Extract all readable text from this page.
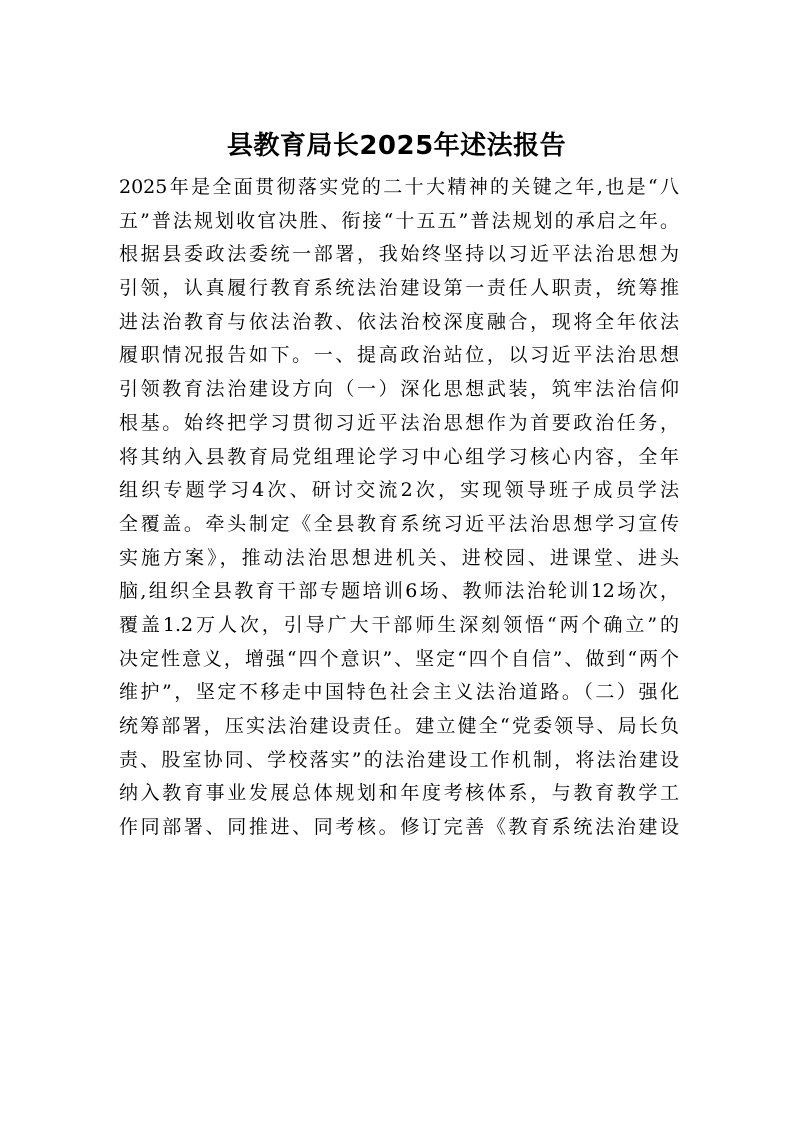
县教育局长2025年述法报告
2025年是全面贯彻落实党的二十大精神的关键之年,也是“八
五”普法规划收官决胜、衔接“十五五”普法规划的承启之年。
根据县委政法委统一部署，我始终坚持以习近平法治思想为
引领，认真履行教育系统法治建设第一责任人职责，统筹推
进法治教育与依法治教、依法治校深度融合，现将全年依法
履职情况报告如下。一、提高政治站位，以习近平法治思想
引领教育法治建设方向（一）深化思想武装，筑牢法治信仰
根基。始终把学习贯彻习近平法治思想作为首要政治任务，
将其纳入县教育局党组理论学习中心组学习核心内容，全年
组织专题学习4次、研讨交流2次，实现领导班子成员学法
全覆盖。牵头制定《全县教育系统习近平法治思想学习宣传
实施方案》，推动法治思想进机关、进校园、进课堂、进头
脑,组织全县教育干部专题培训6场、教师法治轮训12场次，
覆盖1.2万人次，引导广大干部师生深刻领悟“两个确立”的
决定性意义，增强“四个意识”、坚定“四个自信”、做到“两个
维护”，坚定不移走中国特色社会主义法治道路。（二）强化
统筹部署，压实法治建设责任。建立健全“党委领导、局长负
责、股室协同、学校落实”的法治建设工作机制，将法治建设
纳入教育事业发展总体规划和年度考核体系，与教育教学工
作同部署、同推进、同考核。修订完善《教育系统法治建设
